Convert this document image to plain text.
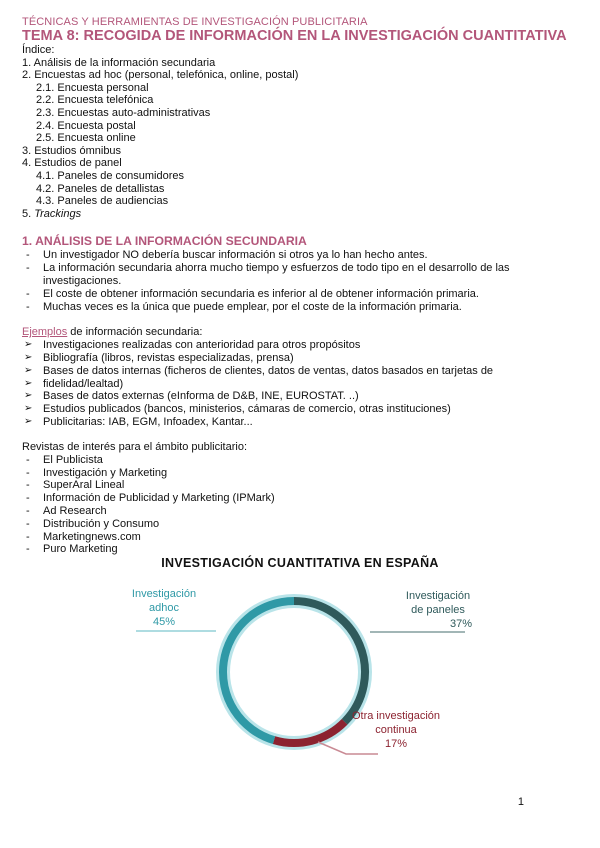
TÉCNICAS Y HERRAMIENTAS DE INVESTIGACIÓN PUBLICITARIA
TEMA 8: RECOGIDA DE INFORMACIÓN EN LA INVESTIGACIÓN CUANTITATIVA
Índice:
1. Análisis de la información secundaria
2. Encuestas ad hoc (personal, telefónica, online, postal)
2.1. Encuesta personal
2.2. Encuesta telefónica
2.3. Encuestas auto-administrativas
2.4. Encuesta postal
2.5. Encuesta online
3. Estudios ómnibus
4. Estudios de panel
4.1. Paneles de consumidores
4.2. Paneles de detallistas
4.3. Paneles de audiencias
5. Trackings
1. ANÁLISIS DE LA INFORMACIÓN SECUNDARIA
- Un investigador NO debería buscar información si otros ya lo han hecho antes.
- La información secundaria ahorra mucho tiempo y esfuerzos de todo tipo en el desarrollo de las investigaciones.
- El coste de obtener información secundaria es inferior al de obtener información primaria.
- Muchas veces es la única que puede emplear, por el coste de la información primaria.
Ejemplos de información secundaria:
➢ Investigaciones realizadas con anterioridad para otros propósitos
➢ Bibliografía (libros, revistas especializadas, prensa)
➢ Bases de datos internas (ficheros de clientes, datos de ventas, datos basados en tarjetas de
➢ fidelidad/lealtad)
➢ Bases de datos externas (eInforma de D&B, INE, EUROSTAT. ..)
➢ Estudios publicados (bancos, ministerios, cámaras de comercio, otras instituciones)
➢ Publicitarias: IAB, EGM, Infoadex, Kantar...
Revistas de interés para el ámbito publicitario:
- El Publicista
- Investigación y Marketing
- SuperAral Lineal
- Información de Publicidad y Marketing (IPMark)
- Ad Research
- Distribución y Consumo
- Marketingnews.com
- Puro Marketing
INVESTIGACIÓN CUANTITATIVA EN ESPAÑA
Investigación
adhoc
45%
Investigación
de paneles
37%
Otra investigación
continua
17%
1
